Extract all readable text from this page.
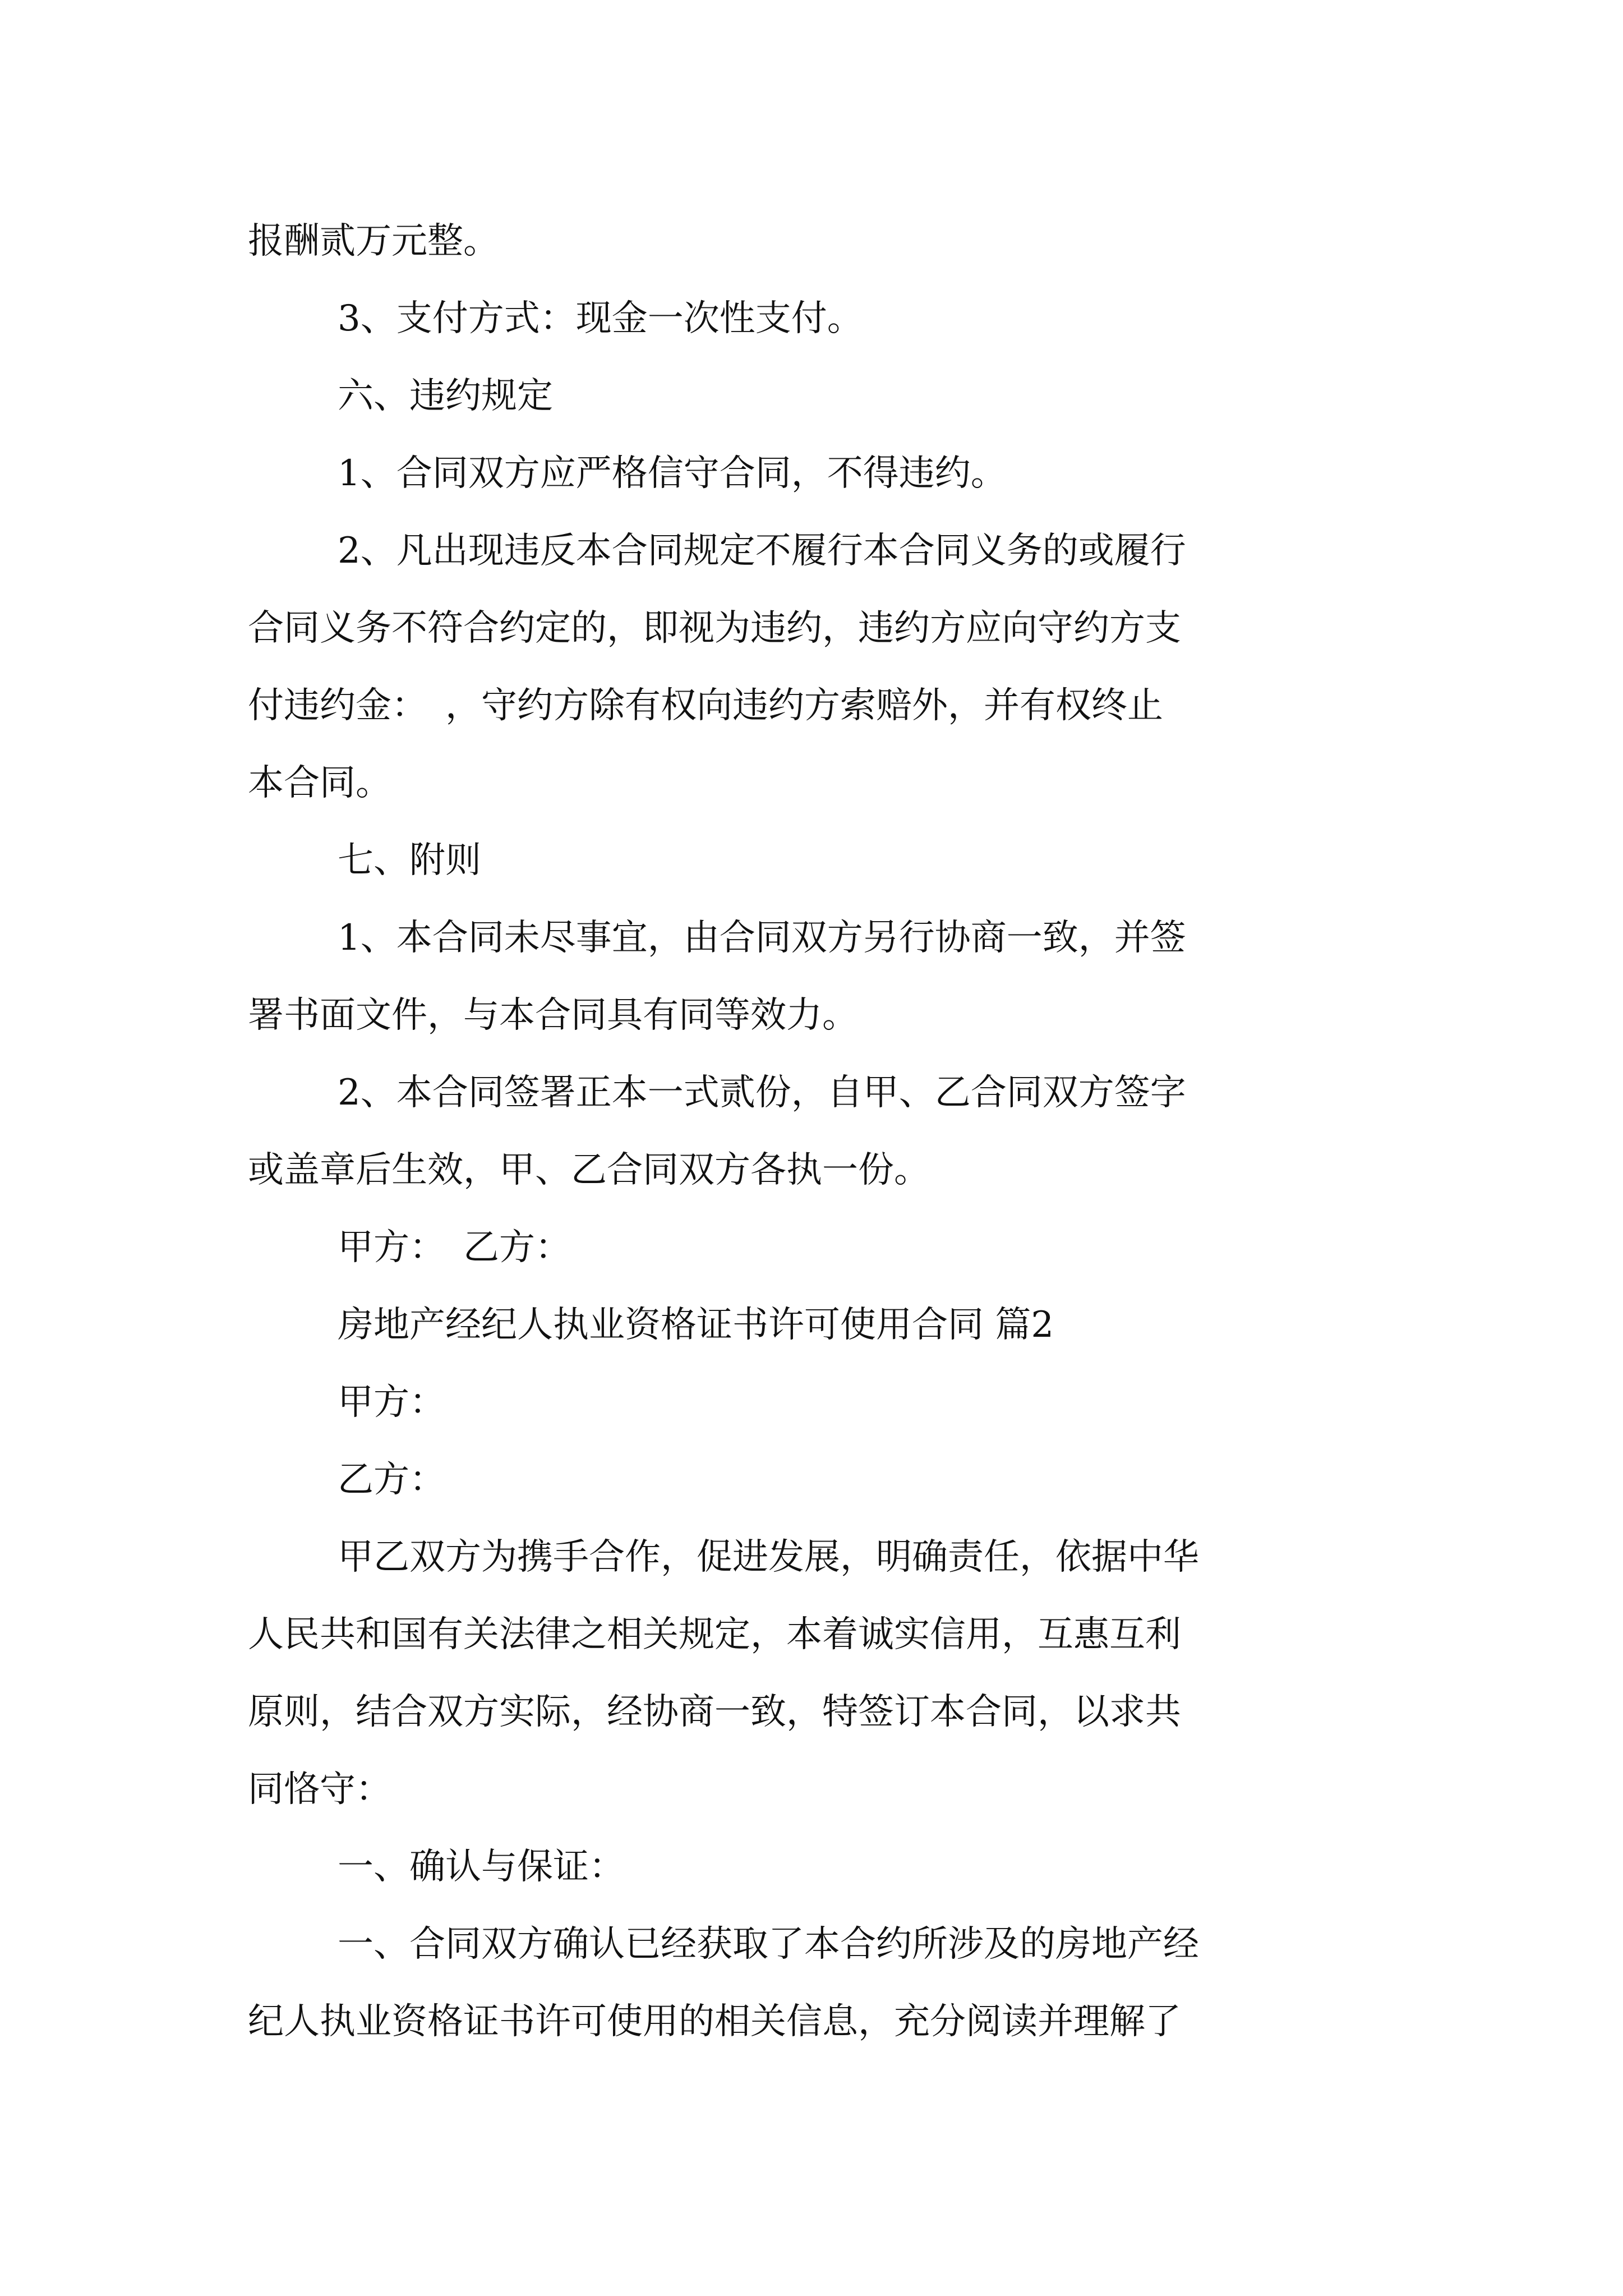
报酬贰万元整。

3、支付方式：现金一次性支付。

六、违约规定

1、合同双方应严格信守合同，不得违约。

2、凡出现违反本合同规定不履行本合同义务的或履行

合同义务不符合约定的，即视为违约，违约方应向守约方支

付违约金：　，守约方除有权向违约方索赔外，并有权终止

本合同。

七、附则

1、本合同未尽事宜，由合同双方另行协商一致，并签

署书面文件，与本合同具有同等效力。

2、本合同签署正本一式贰份，自甲、乙合同双方签字

或盖章后生效，甲、乙合同双方各执一份。

甲方：　乙方：

房地产经纪人执业资格证书许可使用合同 篇2

甲方：

乙方：

甲乙双方为携手合作，促进发展，明确责任，依据中华

人民共和国有关法律之相关规定，本着诚实信用，互惠互利

原则，结合双方实际，经协商一致，特签订本合同，以求共

同恪守：

一、确认与保证：

一、合同双方确认已经获取了本合约所涉及的房地产经

纪人执业资格证书许可使用的相关信息，充分阅读并理解了
